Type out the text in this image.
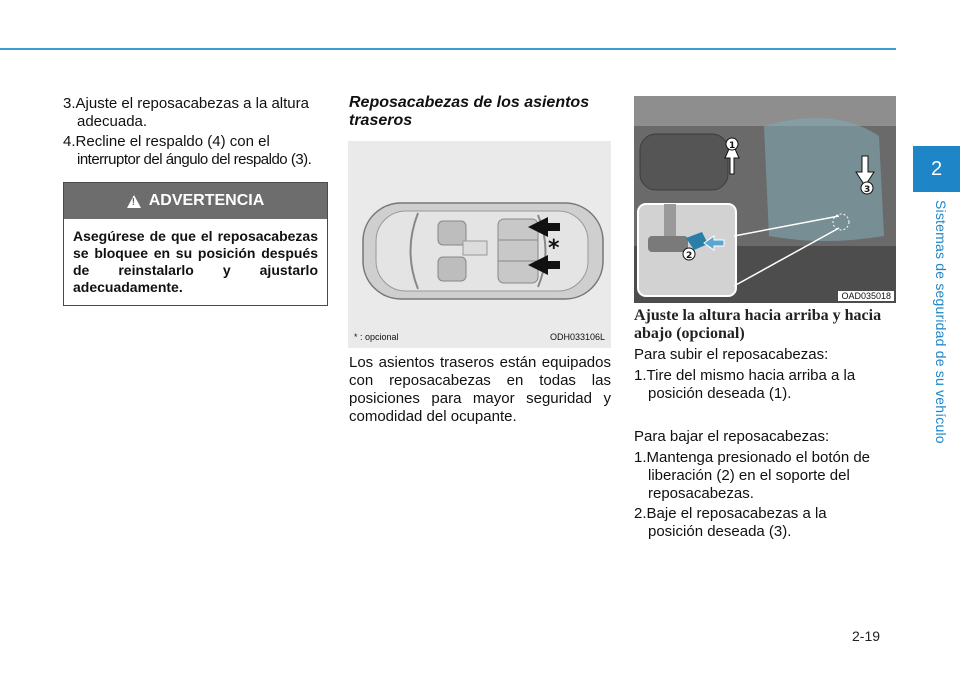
2
Sistemas de seguridad de su vehículo
3.Ajuste el reposacabezas a la altura
adecuada.
4.Recline el respaldo (4) con el
interruptor del ángulo del respaldo (3).
! ADVERTENCIA
Asegúrese de que el reposacabezas se bloquee en su posición después de reinstalarlo y ajustarlo adecuadamente.
Reposacabezas de los asientos traseros
*
* : opcional	ODH033106L

Los asientos traseros están equipados con reposacabezas en todas las posiciones para mayor seguridad y comodidad del ocupante.

1
2
3
OAD035018
Ajuste la altura hacia arriba y hacia abajo (opcional)

Para subir el reposacabezas:

1.Tire del mismo hacia arriba a la
posición deseada (1).

Para bajar el reposacabezas:

1.Mantenga presionado el botón de
liberación (2) en el soporte del
reposacabezas.
2.Baje el reposacabezas a la
posición deseada (3).
2-19
